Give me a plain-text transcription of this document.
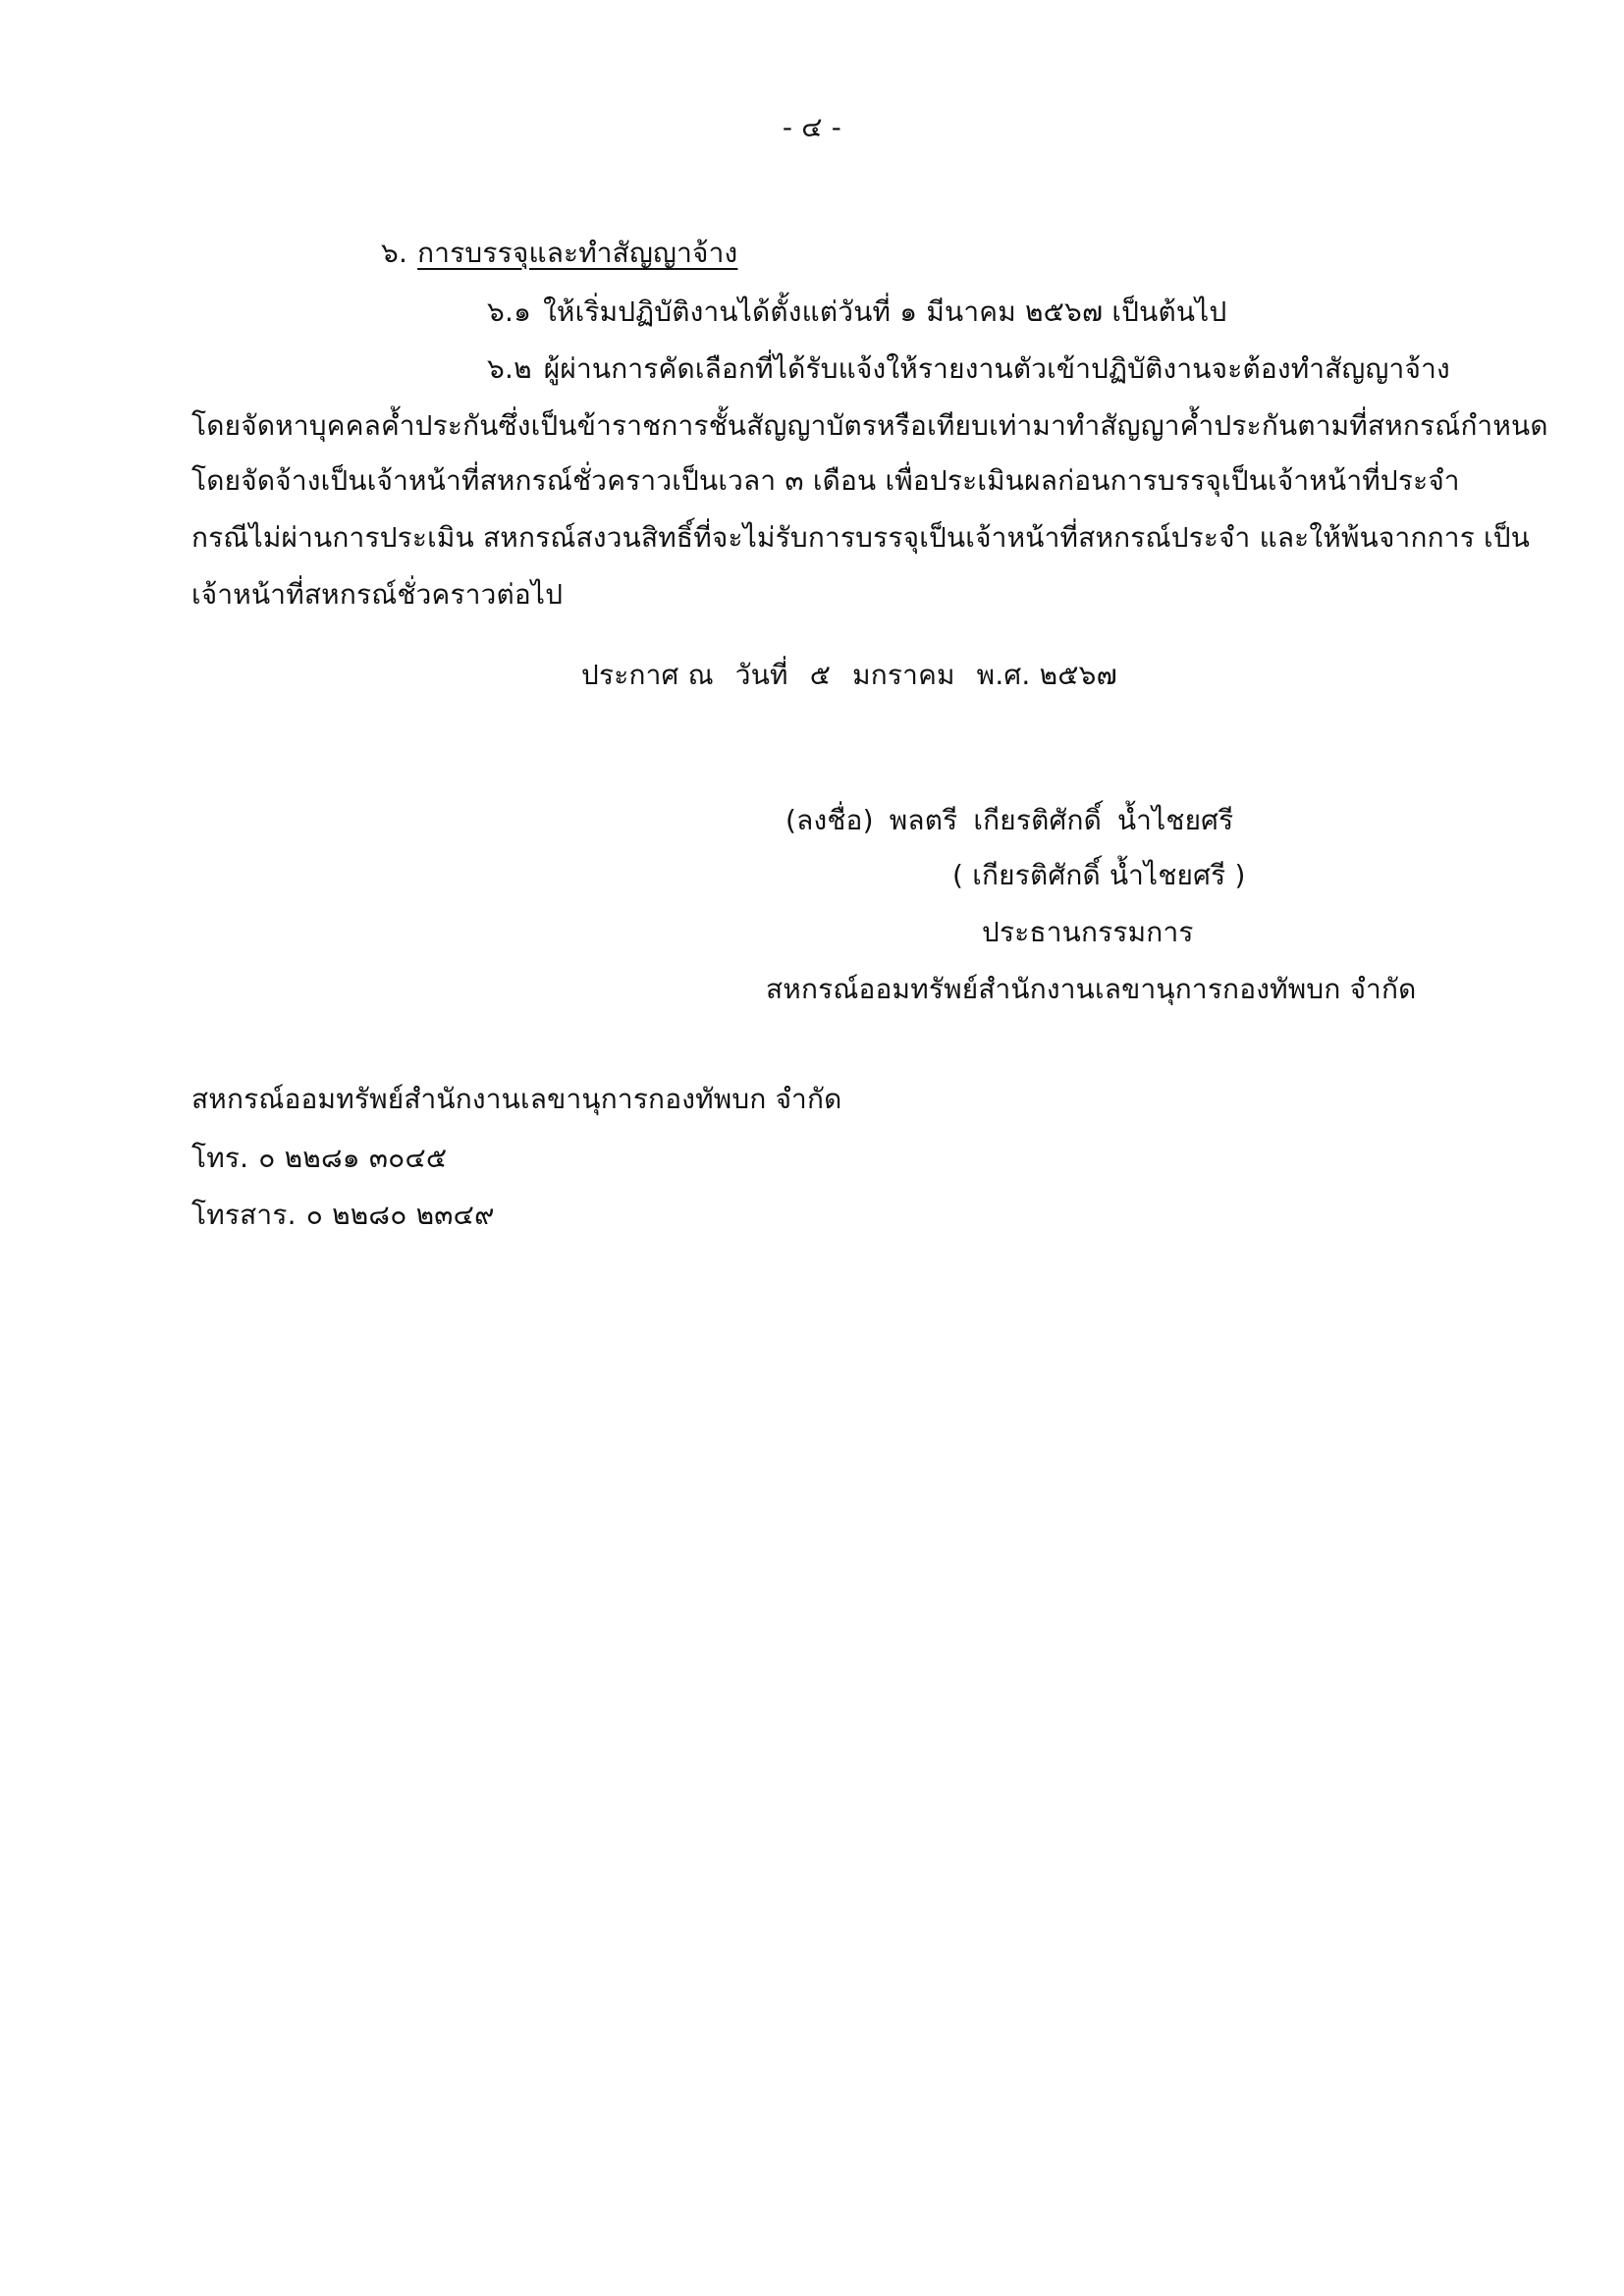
- ๔ -
๖. การบรรจุและทำสัญญาจ้าง
๖.๑ ให้เริ่มปฏิบัติงานได้ตั้งแต่วันที่ ๑ มีนาคม ๒๕๖๗ เป็นต้นไป
๖.๒ ผู้ผ่านการคัดเลือกที่ได้รับแจ้งให้รายงานตัวเข้าปฏิบัติงานจะต้องทำสัญญาจ้าง
โดยจัดหาบุคคลค้ำประกันซึ่งเป็นข้าราชการชั้นสัญญาบัตรหรือเทียบเท่ามาทำสัญญาค้ำประกันตามที่สหกรณ์กำหนด
โดยจัดจ้างเป็นเจ้าหน้าที่สหกรณ์ชั่วคราวเป็นเวลา ๓ เดือน เพื่อประเมินผลก่อนการบรรจุเป็นเจ้าหน้าที่ประจำ
กรณีไม่ผ่านการประเมิน สหกรณ์สงวนสิทธิ์ที่จะไม่รับการบรรจุเป็นเจ้าหน้าที่สหกรณ์ประจำ และให้พ้นจากการ เป็น
เจ้าหน้าที่สหกรณ์ชั่วคราวต่อไป
ประกาศ ณ วันที่ ๕ มกราคม พ.ศ. ๒๕๖๗
(ลงชื่อ) พลตรี เกียรติศักดิ์ น้ำไชยศรี
( เกียรติศักดิ์ น้ำไชยศรี )
ประธานกรรมการ
สหกรณ์ออมทรัพย์สำนักงานเลขานุการกองทัพบก จำกัด
สหกรณ์ออมทรัพย์สำนักงานเลขานุการกองทัพบก จำกัด
โทร. ๐ ๒๒๘๑ ๓๐๔๕
โทรสาร. ๐ ๒๒๘๐ ๒๓๔๙
